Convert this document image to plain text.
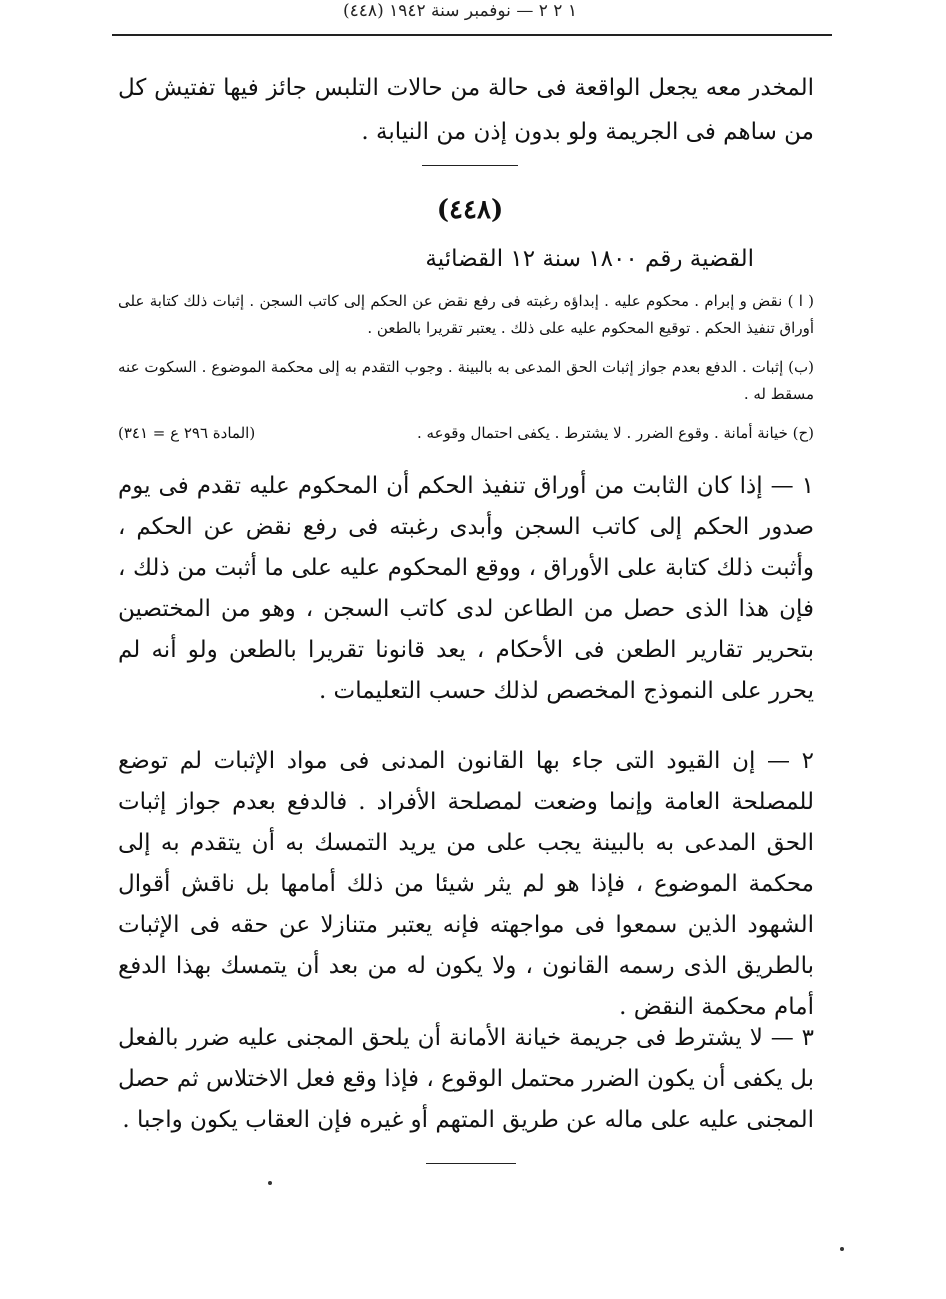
١ ٢ ٢ — نوفمبر سنة ١٩٤٢ (٤٤٨)
المخدر معه يجعل الواقعة فى حالة من حالات التلبس جائز فيها تفتيش كل من ساهم فى الجريمة ولو بدون إذن من النيابة .
(٤٤٨)
القضية رقم ١٨٠٠ سنة ١٢ القضائية
( ا ) نقض و إبرام . محكوم عليه . إبداؤه رغبته فى رفع نقض عن الحكم إلى كاتب السجن . إثبات ذلك كتابة على أوراق تنفيذ الحكم . توقيع المحكوم عليه على ذلك . يعتبر تقريرا بالطعن .
(ب) إثبات . الدفع بعدم جواز إثبات الحق المدعى به بالبينة . وجوب التقدم به إلى محكمة الموضوع . السكوت عنه مسقط له .
(ح) خيانة أمانة . وقوع الضرر . لا يشترط . يكفى احتمال وقوعه .
(المادة ٢٩٦ ع = ٣٤١)
١ — إذا كان الثابت من أوراق تنفيذ الحكم أن المحكوم عليه تقدم فى يوم صدور الحكم إلى كاتب السجن وأبدى رغبته فى رفع نقض عن الحكم ، وأثبت ذلك كتابة على الأوراق ، ووقع المحكوم عليه على ما أثبت من ذلك ، فإن هذا الذى حصل من الطاعن لدى كاتب السجن ، وهو من المختصين بتحرير تقارير الطعن فى الأحكام ، يعد قانونا تقريرا بالطعن ولو أنه لم يحرر على النموذج المخصص لذلك حسب التعليمات .
٢ — إن القيود التى جاء بها القانون المدنى فى مواد الإثبات لم توضع للمصلحة العامة وإنما وضعت لمصلحة الأفراد . فالدفع بعدم جواز إثبات الحق المدعى به بالبينة يجب على من يريد التمسك به أن يتقدم به إلى محكمة الموضوع ، فإذا هو لم يثر شيئا من ذلك أمامها بل ناقش أقوال الشهود الذين سمعوا فى مواجهته فإنه يعتبر متنازلا عن حقه فى الإثبات بالطريق الذى رسمه القانون ، ولا يكون له من بعد أن يتمسك بهذا الدفع أمام محكمة النقض .
٣ — لا يشترط فى جريمة خيانة الأمانة أن يلحق المجنى عليه ضرر بالفعل بل يكفى أن يكون الضرر محتمل الوقوع ، فإذا وقع فعل الاختلاس ثم حصل المجنى عليه على ماله عن طريق المتهم أو غيره فإن العقاب يكون واجبا .
